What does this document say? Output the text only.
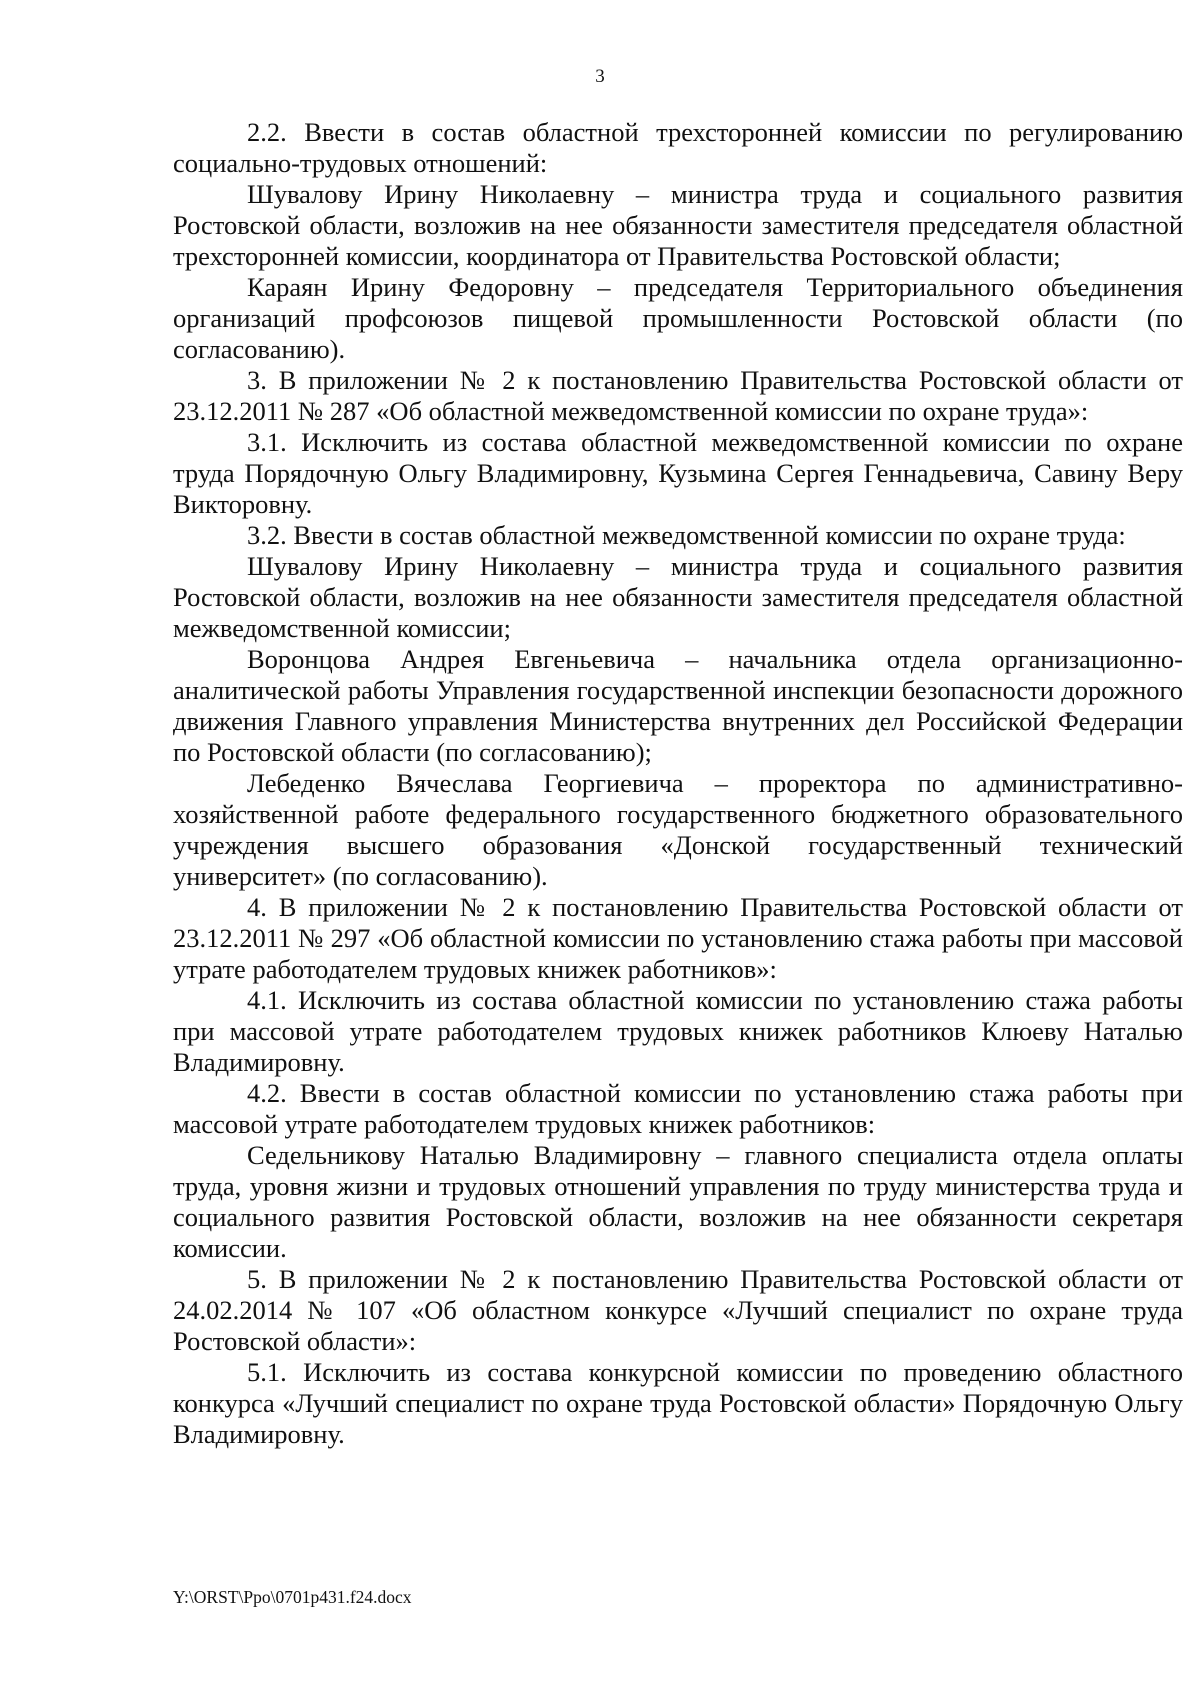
3

2.2. Ввести в состав областной трехсторонней комиссии по регулированию социально-трудовых отношений:

Шувалову Ирину Николаевну – министра труда и социального развития Ростовской области, возложив на нее обязанности заместителя председателя областной трехсторонней комиссии, координатора от Правительства Ростовской области;

Караян Ирину Федоровну – председателя Территориального объединения организаций профсоюзов пищевой промышленности Ростовской области (по согласованию).

3. В приложении № 2 к постановлению Правительства Ростовской области от 23.12.2011 № 287 «Об областной межведомственной комиссии по охране труда»:

3.1. Исключить из состава областной межведомственной комиссии по охране труда Порядочную Ольгу Владимировну, Кузьмина Сергея Геннадьевича, Савину Веру Викторовну.

3.2. Ввести в состав областной межведомственной комиссии по охране труда:

Шувалову Ирину Николаевну – министра труда и социального развития Ростовской области, возложив на нее обязанности заместителя председателя областной межведомственной комиссии;

Воронцова Андрея Евгеньевича – начальника отдела организационно-аналитической работы Управления государственной инспекции безопасности дорожного движения Главного управления Министерства внутренних дел Российской Федерации по Ростовской области (по согласованию);

Лебеденко Вячеслава Георгиевича – проректора по административно-хозяйственной работе федерального государственного бюджетного образовательного учреждения высшего образования «Донской государственный технический университет» (по согласованию).

4. В приложении № 2 к постановлению Правительства Ростовской области от 23.12.2011 № 297 «Об областной комиссии по установлению стажа работы при массовой утрате работодателем трудовых книжек работников»:

4.1. Исключить из состава областной комиссии по установлению стажа работы при массовой утрате работодателем трудовых книжек работников Клюеву Наталью Владимировну.

4.2. Ввести в состав областной комиссии по установлению стажа работы при массовой утрате работодателем трудовых книжек работников:

Седельникову Наталью Владимировну – главного специалиста отдела оплаты труда, уровня жизни и трудовых отношений управления по труду министерства труда и социального развития Ростовской области, возложив на нее обязанности секретаря комиссии.

5. В приложении № 2 к постановлению Правительства Ростовской области от 24.02.2014 № 107 «Об областном конкурсе «Лучший специалист по охране труда Ростовской области»:

5.1. Исключить из состава конкурсной комиссии по проведению областного конкурса «Лучший специалист по охране труда Ростовской области» Порядочную Ольгу Владимировну.

Y:\ORST\Ppo\0701p431.f24.docx
